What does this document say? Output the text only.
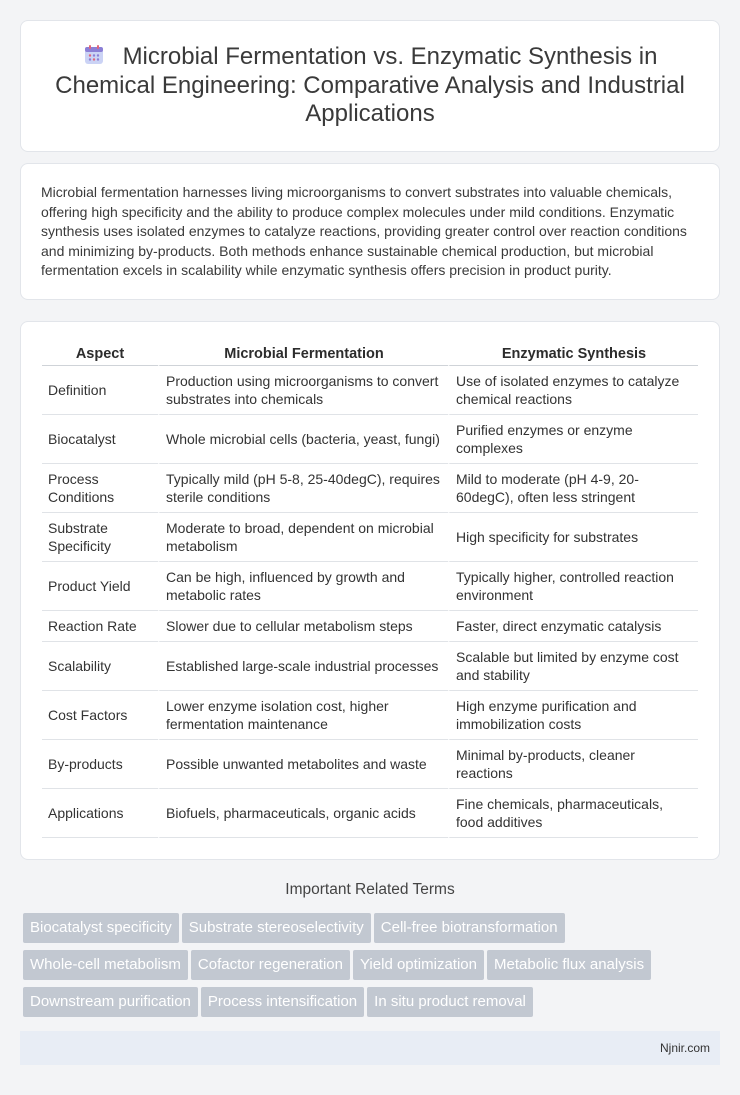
Microbial Fermentation vs. Enzymatic Synthesis in Chemical Engineering: Comparative Analysis and Industrial Applications

Microbial fermentation harnesses living microorganisms to convert substrates into valuable chemicals, offering high specificity and the ability to produce complex molecules under mild conditions. Enzymatic synthesis uses isolated enzymes to catalyze reactions, providing greater control over reaction conditions and minimizing by-products. Both methods enhance sustainable chemical production, but microbial fermentation excels in scalability while enzymatic synthesis offers precision in product purity.

Aspect	Microbial Fermentation	Enzymatic Synthesis
Definition	Production using microorganisms to convert substrates into chemicals	Use of isolated enzymes to catalyze chemical reactions
Biocatalyst	Whole microbial cells (bacteria, yeast, fungi)	Purified enzymes or enzyme complexes
Process Conditions	Typically mild (pH 5-8, 25-40degC), requires sterile conditions	Mild to moderate (pH 4-9, 20-60degC), often less stringent
Substrate Specificity	Moderate to broad, dependent on microbial metabolism	High specificity for substrates
Product Yield	Can be high, influenced by growth and metabolic rates	Typically higher, controlled reaction environment
Reaction Rate	Slower due to cellular metabolism steps	Faster, direct enzymatic catalysis
Scalability	Established large-scale industrial processes	Scalable but limited by enzyme cost and stability
Cost Factors	Lower enzyme isolation cost, higher fermentation maintenance	High enzyme purification and immobilization costs
By-products	Possible unwanted metabolites and waste	Minimal by-products, cleaner reactions
Applications	Biofuels, pharmaceuticals, organic acids	Fine chemicals, pharmaceuticals, food additives
Important Related Terms
Biocatalyst specificity Substrate stereoselectivity Cell-free biotransformation
Whole-cell metabolism Cofactor regeneration Yield optimization Metabolic flux analysis
Downstream purification Process intensification In situ product removal
Njnir.com
